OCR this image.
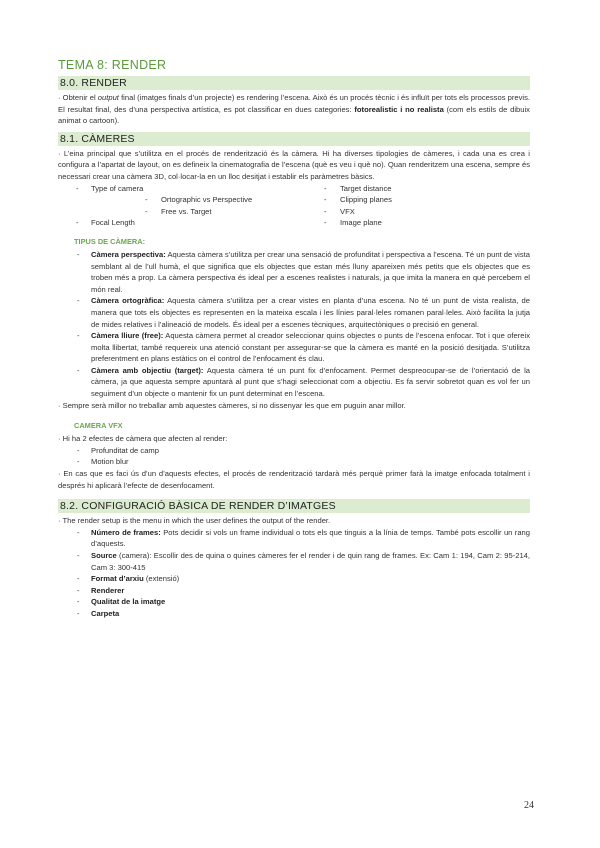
TEMA 8: RENDER
8.0. RENDER

· Obtenir el output final (imatges finals d’un projecte) es rendering l’escena. Això és un procés tècnic i és influït per tots els processos previs. El resultat final, des d’una perspectiva artística, es pot classificar en dues categories: fotorealistic i no realista (com els estils de dibuix animat o cartoon).

8.1. CÀMERES

· L’eina principal que s’utilitza en el procés de renderització és la càmera. Hi ha diverses tipologies de càmeres, i cada una es crea i configura a l’apartat de layout, on es defineix la cinematografia de l’escena (què es veu i què no). Quan renderitzem una escena, sempre és necessari crear una càmera 3D, col·locar-la en un lloc desitjat i establir els paràmetres bàsics.

- Type of camera
- Ortographic vs Perspective
- Free vs. Target
- Focal Length
- Target distance
- Clipping planes
- VFX
- Image plane
TIPUS DE CÀMERA:
- Càmera perspectiva: Aquesta càmera s’utilitza per crear una sensació de profunditat i perspectiva a l’escena. Té un punt de vista semblant al de l’ull humà, el que significa que els objectes que estan més lluny apareixen més petits que els objectes que es troben més a prop. La càmera perspectiva és ideal per a escenes realistes i naturals, ja que imita la manera en què percebem el món real.
- Càmera ortogràfica: Aquesta càmera s’utilitza per a crear vistes en planta d’una escena. No té un punt de vista realista, de manera que tots els objectes es representen en la mateixa escala i les línies paral·leles romanen paral·leles. Això facilita la jutja de mides relatives i l’alineació de models. És ideal per a escenes tècniques, arquitectòniques o precisió en general.
- Càmera lliure (free): Aquesta càmera permet al creador seleccionar quins objectes o punts de l’escena enfocar. Tot i que ofereix molta llibertat, també requereix una atenció constant per assegurar-se que la càmera es manté en la posició desitjada. S’utilitza preferentment en plans estàtics on el control de l’enfocament és clau.
- Càmera amb objectiu (target): Aquesta càmera té un punt fix d’enfocament. Permet despreocupar-se de l’orientació de la càmera, ja que aquesta sempre apuntarà al punt que s’hagi seleccionat com a objectiu. Es fa servir sobretot quan es vol fer un seguiment d’un objecte o mantenir fix un punt determinat en l’escena.

· Sempre serà millor no treballar amb aquestes càmeres, si no dissenyar les que em puguin anar millor.

CAMERA VFX

· Hi ha 2 efectes de càmera que afecten al render:

- Profunditat de camp
- Motion blur

· En cas que es faci ús d’un d’aquests efectes, el procés de renderització tardarà més perquè primer farà la imatge enfocada totalment i després hi aplicarà l’efecte de desenfocament.

8.2. CONFIGURACIÓ BÀSICA DE RENDER D’IMATGES

· The render setup is the menu in which the user defines the output of the render.

- Número de frames: Pots decidir si vols un frame individual o tots els que tinguis a la línia de temps. També pots escollir un rang d’aquests.
- Source (camera): Escollir des de quina o quines càmeres fer el render i de quin rang de frames. Ex: Cam 1: 194, Cam 2: 95-214, Cam 3: 300-415
- Format d’arxiu (extensió)
- Renderer
- Qualitat de la imatge
- Carpeta
24
